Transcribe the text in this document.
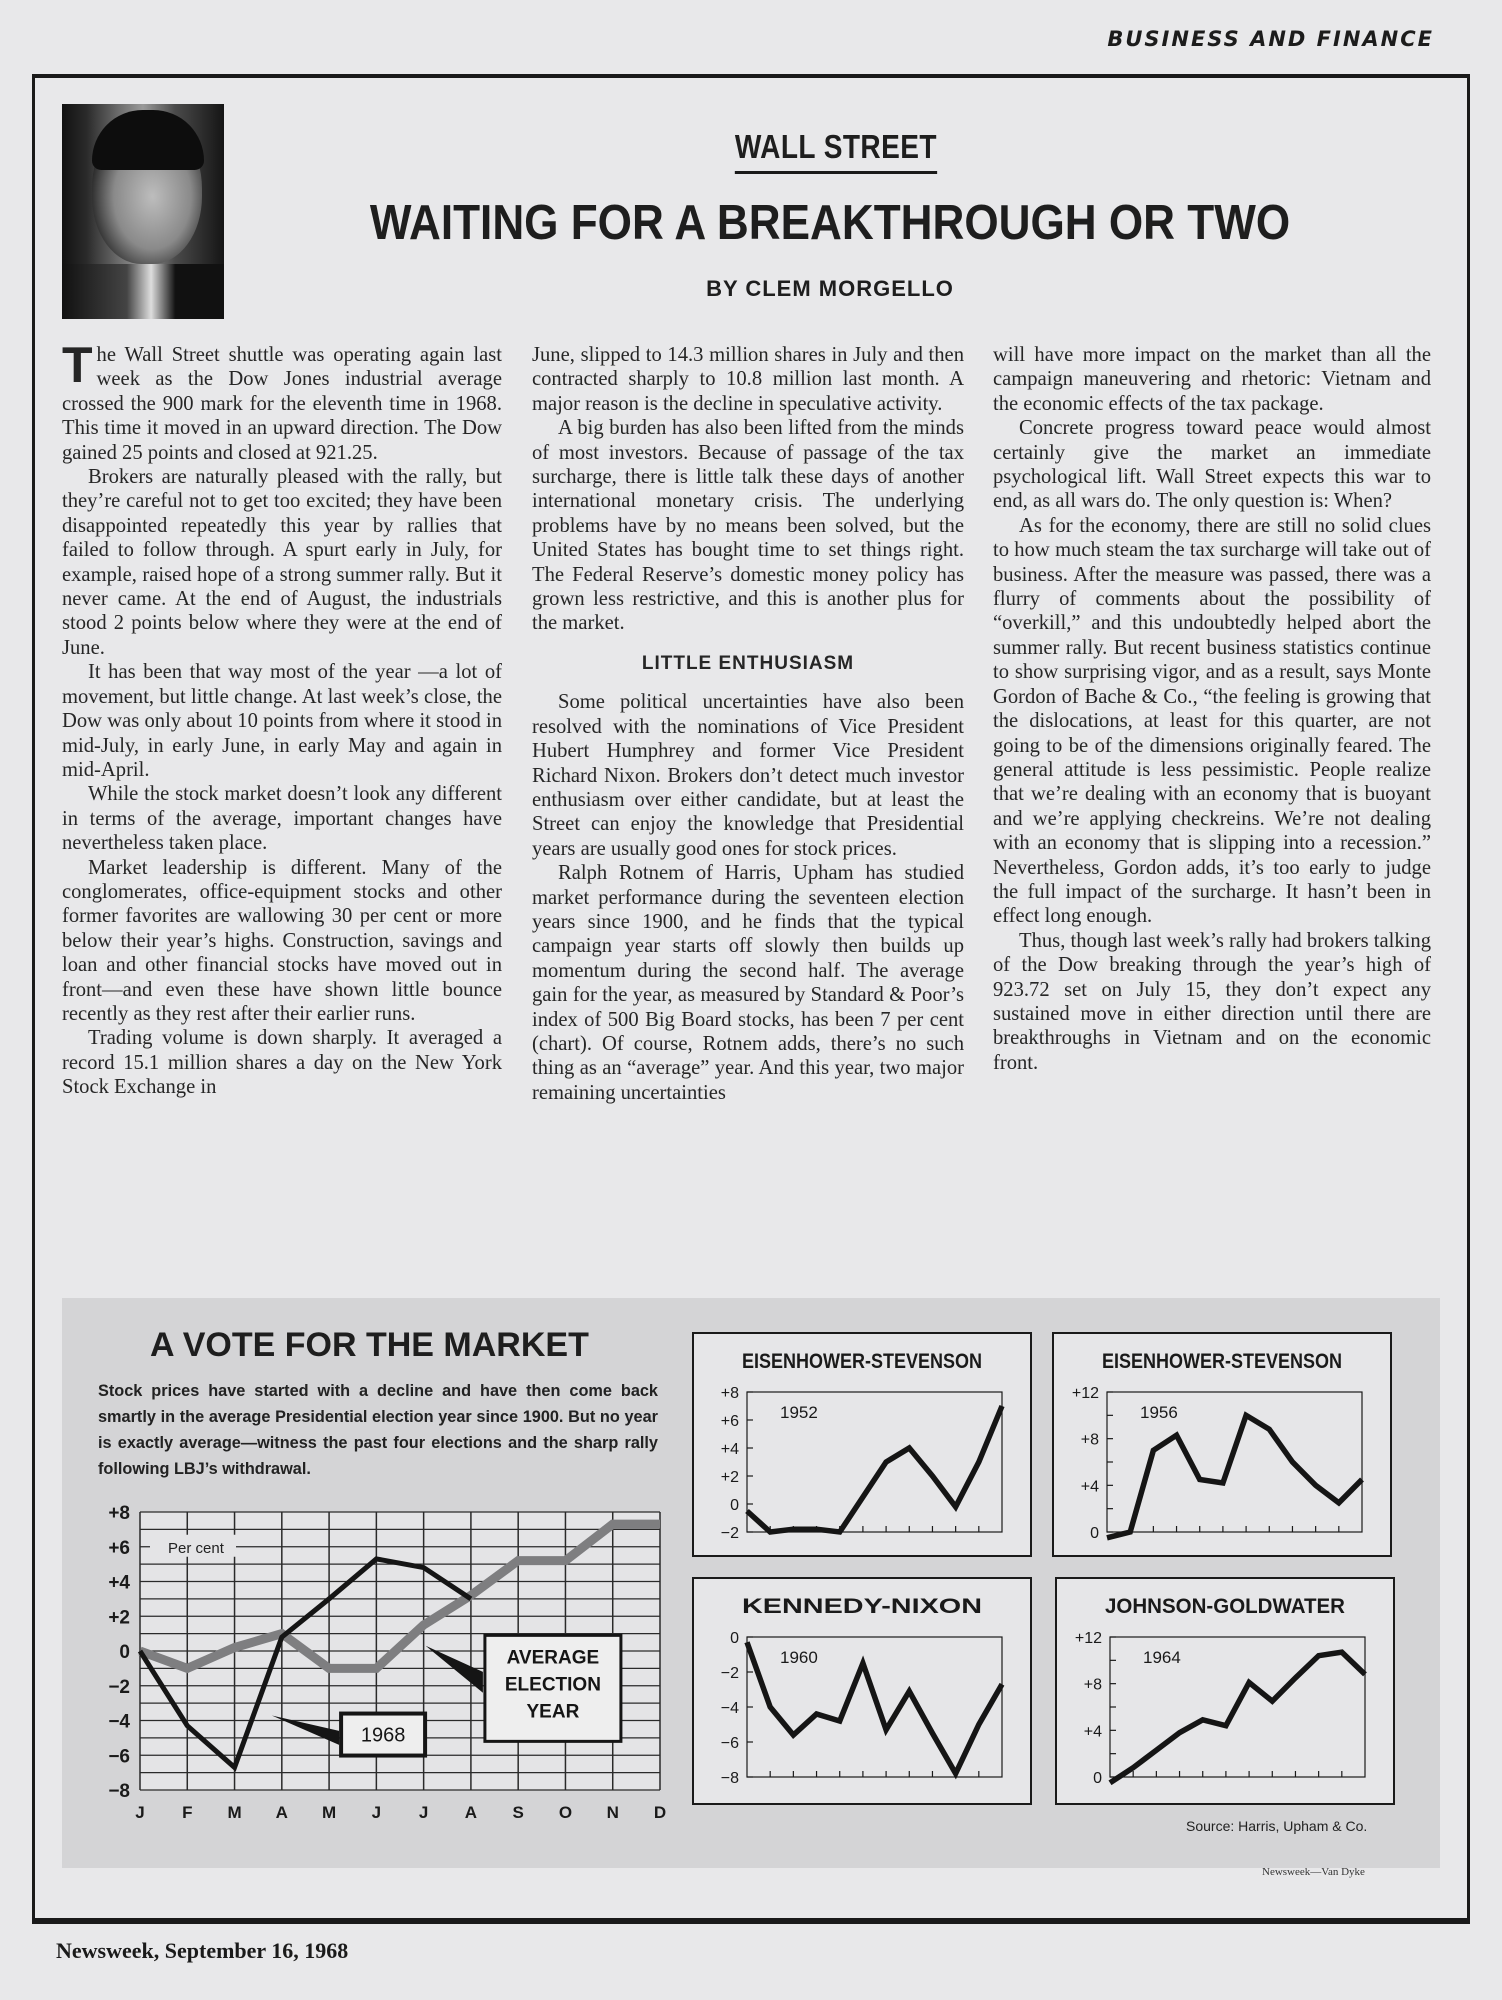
BUSINESS AND FINANCE
WALL STREET
WAITING FOR A BREAKTHROUGH OR TWO
BY CLEM MORGELLO

The Wall Street shuttle was operating again last week as the Dow Jones industrial average crossed the 900 mark for the eleventh time in 1968. This time it moved in an upward direction. The Dow gained 25 points and closed at 921.25.

Brokers are naturally pleased with the rally, but they’re careful not to get too excited; they have been disappointed repeatedly this year by rallies that failed to follow through. A spurt early in July, for example, raised hope of a strong summer rally. But it never came. At the end of August, the industrials stood 2 points below where they were at the end of June.

It has been that way most of the year —a lot of movement, but little change. At last week’s close, the Dow was only about 10 points from where it stood in mid-July, in early June, in early May and again in mid-April.

While the stock market doesn’t look any different in terms of the average, important changes have nevertheless taken place.

Market leadership is different. Many of the conglomerates, office-equipment stocks and other former favorites are wallowing 30 per cent or more below their year’s highs. Construction, savings and loan and other financial stocks have moved out in front—and even these have shown little bounce recently as they rest after their earlier runs.

Trading volume is down sharply. It averaged a record 15.1 million shares a day on the New York Stock Exchange in

June, slipped to 14.3 million shares in July and then contracted sharply to 10.8 million last month. A major reason is the decline in speculative activity.

A big burden has also been lifted from the minds of most investors. Because of passage of the tax surcharge, there is little talk these days of another international monetary crisis. The underlying problems have by no means been solved, but the United States has bought time to set things right. The Federal Reserve’s domestic money policy has grown less restrictive, and this is another plus for the market.

LITTLE ENTHUSIASM

Some political uncertainties have also been resolved with the nominations of Vice President Hubert Humphrey and former Vice President Richard Nixon. Brokers don’t detect much investor enthusiasm over either candidate, but at least the Street can enjoy the knowledge that Presidential years are usually good ones for stock prices.

Ralph Rotnem of Harris, Upham has studied market performance during the seventeen election years since 1900, and he finds that the typical campaign year starts off slowly then builds up momentum during the second half. The average gain for the year, as measured by Standard & Poor’s index of 500 Big Board stocks, has been 7 per cent (chart). Of course, Rotnem adds, there’s no such thing as an “average” year. And this year, two major remaining uncertainties

will have more impact on the market than all the campaign maneuvering and rhetoric: Vietnam and the economic effects of the tax package.

Concrete progress toward peace would almost certainly give the market an immediate psychological lift. Wall Street expects this war to end, as all wars do. The only question is: When?

As for the economy, there are still no solid clues to how much steam the tax surcharge will take out of business. After the measure was passed, there was a flurry of comments about the possibility of “overkill,” and this undoubtedly helped abort the summer rally. But recent business statistics continue to show surprising vigor, and as a result, says Monte Gordon of Bache & Co., “the feeling is growing that the dislocations, at least for this quarter, are not going to be of the dimensions originally feared. The general attitude is less pessimistic. People realize that we’re dealing with an economy that is buoyant and we’re applying checkreins. We’re not dealing with an economy that is slipping into a recession.” Nevertheless, Gordon adds, it’s too early to judge the full impact of the surcharge. It hasn’t been in effect long enough.

Thus, though last week’s rally had brokers talking of the Dow breaking through the year’s high of 923.72 set on July 15, they don’t expect any sustained move in either direction until there are breakthroughs in Vietnam and on the economic front.

A VOTE FOR THE MARKET
Stock prices have started with a decline and have then come back smartly in the average Presidential election year since 1900. But no year is exactly average—witness the past four elections and the sharp rally following LBJ’s withdrawal.
Per cent
+8
+6
+4
+2
0
−2
−4
−6
−8
J F M A M J J A S O N D
1968
AVERAGE
ELECTION
YEAR
EISENHOWER-STEVENSON
+8
+6
+4
+2
0
−2
1952
EISENHOWER-STEVENSON
+12
+8
+4
0
1956
KENNEDY-NIXON
0
−2
−4
−6
−8
1960
JOHNSON-GOLDWATER
+12
+8
+4
0
1964
Source: Harris, Upham & Co.
Newsweek—Van Dyke
Newsweek, September 16, 1968
